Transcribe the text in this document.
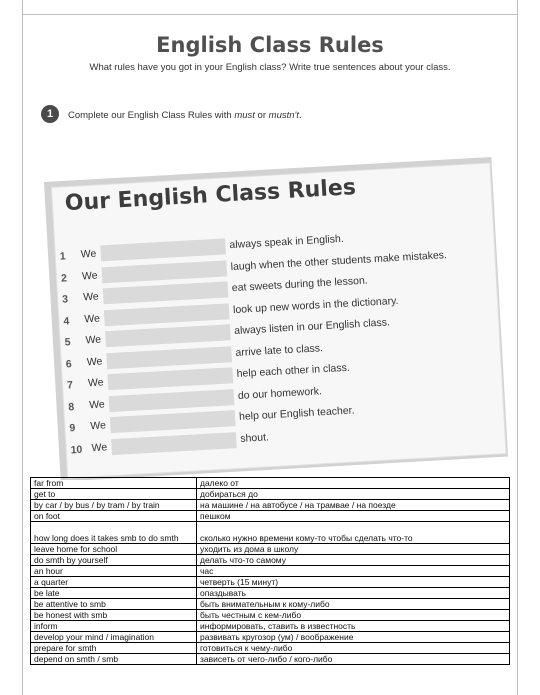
English Class Rules
What rules have you got in your English class? Write true sentences about your class.
1	Complete our English Class Rules with must or mustn't.
Our English Class Rules
1	We
always speak in English.
2	We
laugh when the other students make mistakes.
3	We
eat sweets during the lesson.
4	We
look up new words in the dictionary.
5	We
always listen in our English class.
6	We
arrive late to class.
7	We
help each other in class.
8	We
do our homework.
9	We
help our English teacher.
10 We
shout.
far from	далеко от
get to	добираться до
by car / by bus / by tram / by train	на машине / на автобусе / на трамвае / на поезде
on foot	пешком
how long does it takes smb to do smth	сколько нужно времени кому-то чтобы сделать что-то
leave home for school	уходить из дома в школу
do smth by yourself	делать что-то самому
an hour	час
a quarter	четверть (15 минут)
be late	опаздывать
be attentive to smb	быть внимательным к кому-либо
be honest with smb	быть честным с кем-либо
inform	информировать, ставить в известность
develop your mind / imagination	развивать кругозор (ум) / воображение
prepare for smth	готовиться к чему-либо
depend on smth / smb	зависеть от чего-либо / кого-либо
